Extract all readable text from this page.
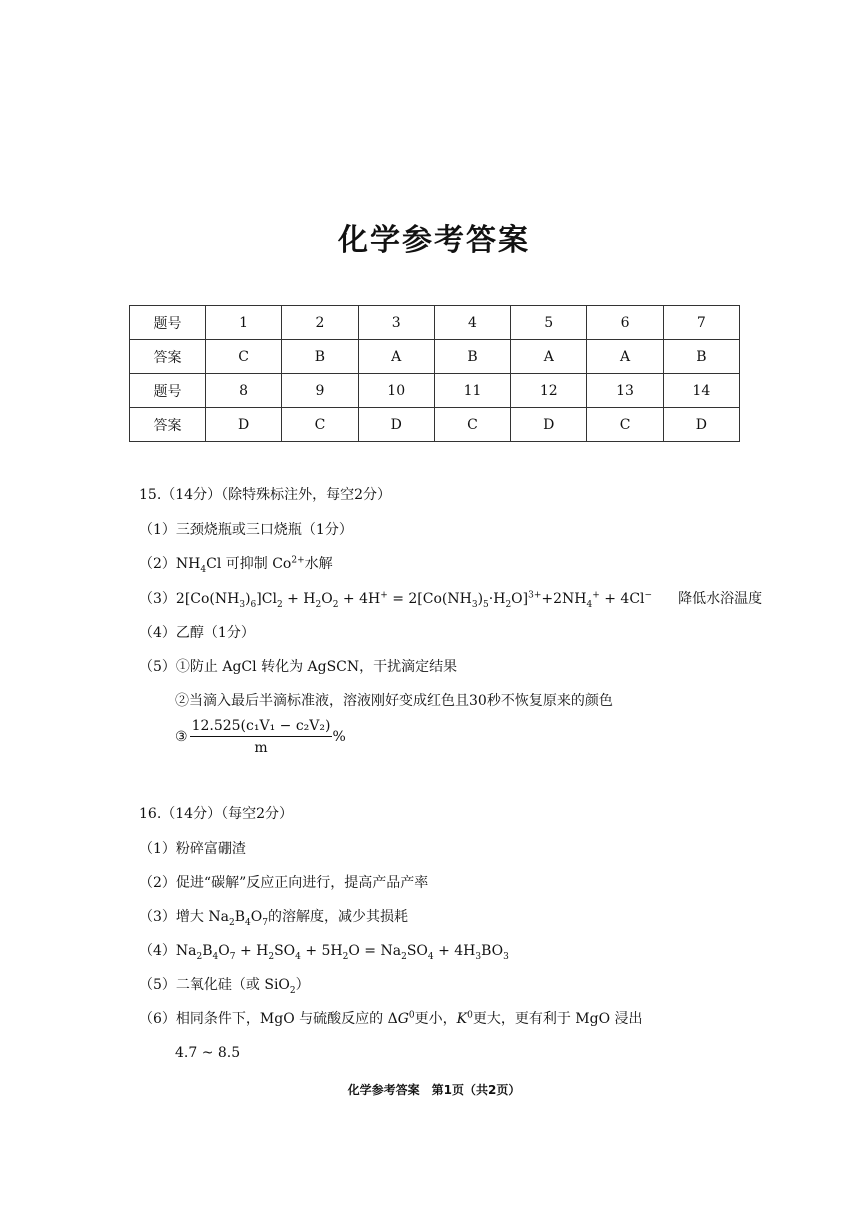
化学参考答案
题号	1	2	3	4	5	6	7
答案	C	B	A	B	A	A	B
题号	8	9	10	11	12	13	14
答案	D	C	D	C	D	C	D
15.（14分）（除特殊标注外，每空2分）
（1）三颈烧瓶或三口烧瓶（1分）
$(2)NH_4Cl$ 可抑制 $Co^{2+}$水解
$(3)2[Co(NH_3)_6]Cl_2 + H_2O_2 + 4H^+ = 2[Co(NH_3)_5\cdot H_2O]^{3+}+2NH_4^+ + 4Cl^-$ 降低水浴温度
（4）乙醇（1分）
（5）①防止 AgCl 转化为 AgSCN，干扰滴定结果
②当滴入最后半滴标准液，溶液刚好变成红色且30秒不恢复原来的颜色
③ $\frac{\text{12.525(c₁V₁ − c₂V₂)}}{m}$ %
16.（14分）（每空2分）
（1）粉碎富硼渣
（2）促进“碳解”反应正向进行，提高产品产率
（3）增大 $Na_2B_4O_7$的溶解度，减少其损耗
$(4)Na_2B_4O_7 + H_2SO_4 + 5H_2O = Na_2SO_4 + 4H_3BO_3$
（5）二氧化硅（或 SiO$_2$）
（6）相同条件下，MgO 与硫酸反应的 $\Delta G^0$更小，$K^0$更大，更有利于 MgO 浸出
4.7 ~ 8.5
化学参考答案　第1页（共2页）
